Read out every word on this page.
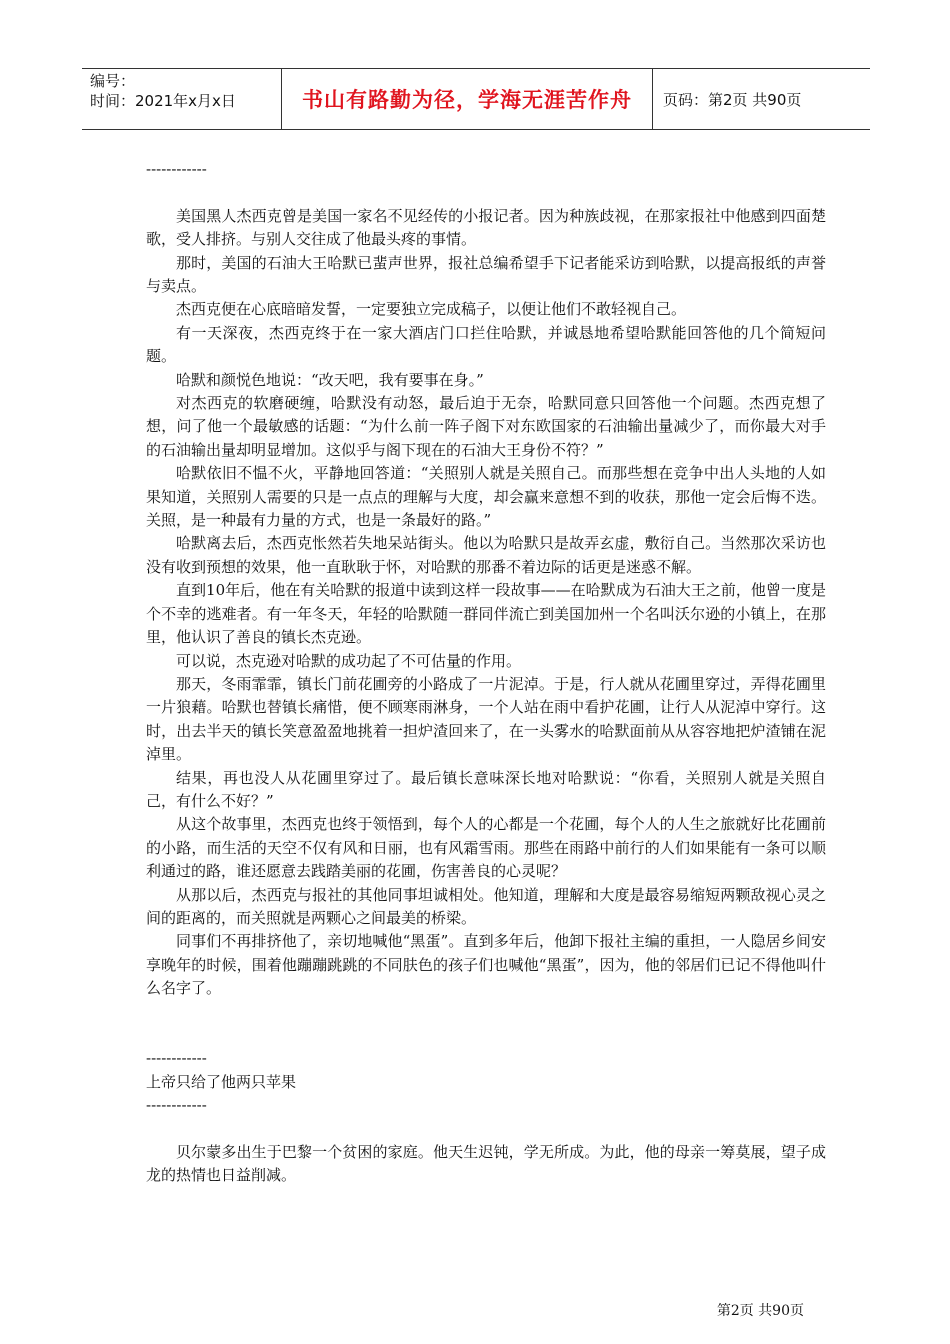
编号：
时间：2021年x月x日	书山有路勤为径，学海无涯苦作舟	页码：第2页 共90页

------------

美国黑人杰西克曾是美国一家名不见经传的小报记者。因为种族歧视，在那家报社中他感到四面楚歌，受人排挤。与别人交往成了他最头疼的事情。

那时，美国的石油大王哈默已蜚声世界，报社总编希望手下记者能采访到哈默，以提高报纸的声誉与卖点。

杰西克便在心底暗暗发誓，一定要独立完成稿子，以便让他们不敢轻视自己。

有一天深夜，杰西克终于在一家大酒店门口拦住哈默，并诚恳地希望哈默能回答他的几个简短问题。

哈默和颜悦色地说：“改天吧，我有要事在身。”

对杰西克的软磨硬缠，哈默没有动怒，最后迫于无奈，哈默同意只回答他一个问题。杰西克想了想，问了他一个最敏感的话题：“为什么前一阵子阁下对东欧国家的石油输出量减少了，而你最大对手的石油输出量却明显增加。这似乎与阁下现在的石油大王身份不符？”

哈默依旧不愠不火，平静地回答道：“关照别人就是关照自己。而那些想在竞争中出人头地的人如果知道，关照别人需要的只是一点点的理解与大度，却会赢来意想不到的收获，那他一定会后悔不迭。关照，是一种最有力量的方式，也是一条最好的路。”

哈默离去后，杰西克怅然若失地呆站街头。他以为哈默只是故弄玄虚，敷衍自己。当然那次采访也没有收到预想的效果，他一直耿耿于怀，对哈默的那番不着边际的话更是迷惑不解。

直到10年后，他在有关哈默的报道中读到这样一段故事——在哈默成为石油大王之前，他曾一度是个不幸的逃难者。有一年冬天，年轻的哈默随一群同伴流亡到美国加州一个名叫沃尔逊的小镇上，在那里，他认识了善良的镇长杰克逊。

可以说，杰克逊对哈默的成功起了不可估量的作用。

那天，冬雨霏霏，镇长门前花圃旁的小路成了一片泥淖。于是，行人就从花圃里穿过，弄得花圃里一片狼藉。哈默也替镇长痛惜，便不顾寒雨淋身，一个人站在雨中看护花圃，让行人从泥淖中穿行。这时，出去半天的镇长笑意盈盈地挑着一担炉渣回来了，在一头雾水的哈默面前从从容容地把炉渣铺在泥淖里。

结果，再也没人从花圃里穿过了。最后镇长意味深长地对哈默说：“你看，关照别人就是关照自己，有什么不好？”

从这个故事里，杰西克也终于领悟到，每个人的心都是一个花圃，每个人的人生之旅就好比花圃前的小路，而生活的天空不仅有风和日丽，也有风霜雪雨。那些在雨路中前行的人们如果能有一条可以顺利通过的路，谁还愿意去践踏美丽的花圃，伤害善良的心灵呢？

从那以后，杰西克与报社的其他同事坦诚相处。他知道，理解和大度是最容易缩短两颗敌视心灵之间的距离的，而关照就是两颗心之间最美的桥梁。

同事们不再排挤他了，亲切地喊他“黑蛋”。直到多年后，他卸下报社主编的重担，一人隐居乡间安享晚年的时候，围着他蹦蹦跳跳的不同肤色的孩子们也喊他“黑蛋”，因为，他的邻居们已记不得他叫什么名字了。

------------

上帝只给了他两只苹果

------------

贝尔蒙多出生于巴黎一个贫困的家庭。他天生迟钝，学无所成。为此，他的母亲一筹莫展，望子成龙的热情也日益削减。

第2页 共90页
